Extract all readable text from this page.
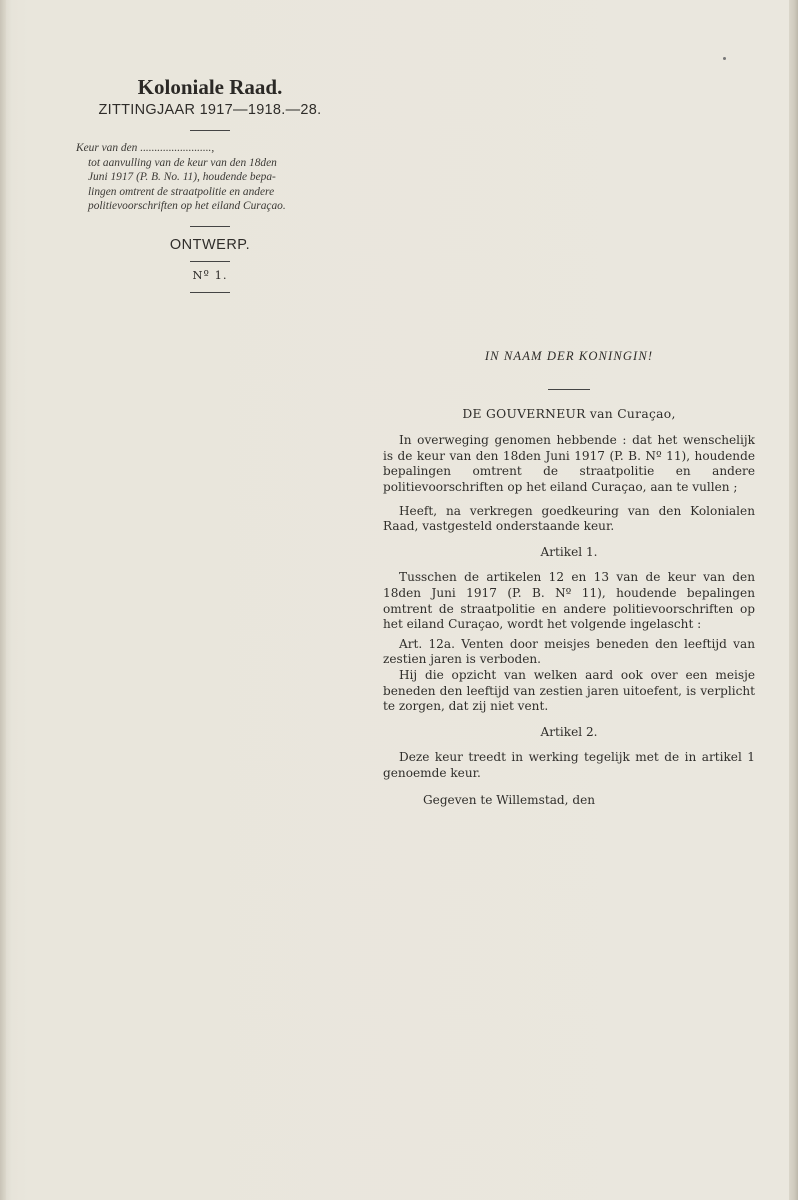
Koloniale Raad.

ZITTINGJAAR 1917—1918.—28.

Keur van den .........................,
tot aanvulling van de keur van den 18den
Juni 1917 (P. B. No. 11), houdende bepa-
lingen omtrent de straatpolitie en andere
politievoorschriften op het eiland Curaçao.

ONTWERP.

Nº 1.

IN NAAM DER KONINGIN!

DE GOUVERNEUR van Curaçao,

In overweging genomen hebbende : dat het wenschelijk is de keur van den 18den Juni 1917 (P. B. Nº 11), houdende bepalingen omtrent de straatpolitie en andere politievoorschriften op het eiland Curaçao, aan te vullen ;

Heeft, na verkregen goedkeuring van den Kolonialen Raad, vastgesteld onderstaande keur.

Artikel 1.

Tusschen de artikelen 12 en 13 van de keur van den 18den Juni 1917 (P. B. Nº 11), houdende bepalingen omtrent de straatpolitie en andere politievoorschriften op het eiland Curaçao, wordt het volgende ingelascht :

Art. 12a. Venten door meisjes beneden den leeftijd van zestien jaren is verboden.

Hij die opzicht van welken aard ook over een meisje beneden den leeftijd van zestien jaren uitoefent, is verplicht te zorgen, dat zij niet vent.

Artikel 2.

Deze keur treedt in werking tegelijk met de in artikel 1 genoemde keur.

Gegeven te Willemstad, den
